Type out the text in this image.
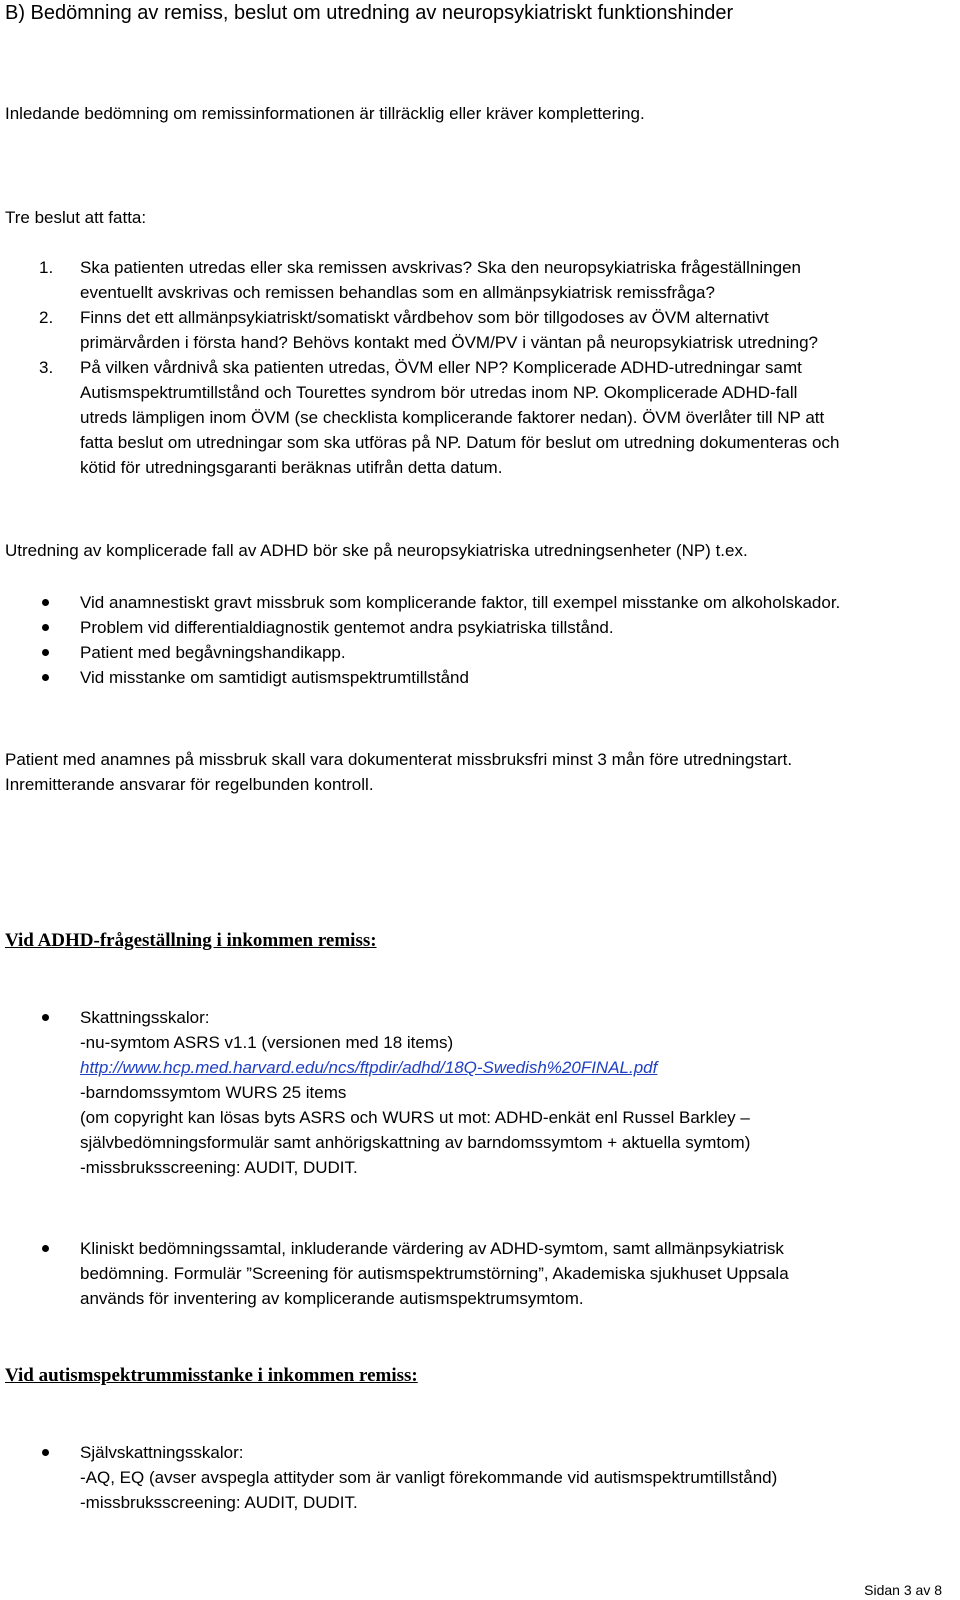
B) Bedömning av remiss, beslut om utredning av neuropsykiatriskt funktionshinder
Inledande bedömning om remissinformationen är tillräcklig eller kräver komplettering.
Tre beslut att fatta:
1.	Ska patienten utredas eller ska remissen avskrivas? Ska den neuropsykiatriska frågeställningen
eventuellt avskrivas och remissen behandlas som en allmänpsykiatrisk remissfråga?
2.	Finns det ett allmänpsykiatriskt/somatiskt vårdbehov som bör tillgodoses av ÖVM alternativt
primärvården i första hand? Behövs kontakt med ÖVM/PV i väntan på neuropsykiatrisk utredning?
3.	På vilken vårdnivå ska patienten utredas, ÖVM eller NP? Komplicerade ADHD-utredningar samt
Autismspektrumtillstånd och Tourettes syndrom bör utredas inom NP. Okomplicerade ADHD-fall
utreds lämpligen inom ÖVM (se checklista komplicerande faktorer nedan). ÖVM överlåter till NP att
fatta beslut om utredningar som ska utföras på NP. Datum för beslut om utredning dokumenteras och
kötid för utredningsgaranti beräknas utifrån detta datum.
Utredning av komplicerade fall av ADHD bör ske på neuropsykiatriska utredningsenheter (NP) t.ex.
Vid anamnestiskt gravt missbruk som komplicerande faktor, till exempel misstanke om alkoholskador.
Problem vid differentialdiagnostik gentemot andra psykiatriska tillstånd.
Patient med begåvningshandikapp.
Vid misstanke om samtidigt autismspektrumtillstånd
Patient med anamnes på missbruk skall vara dokumenterat missbruksfri minst 3 mån före utredningstart.
Inremitterande ansvarar för regelbunden kontroll.
Vid ADHD-frågeställning i inkommen remiss:
Skattningsskalor:
-nu-symtom ASRS v1.1 (versionen med 18 items)
http://www.hcp.med.harvard.edu/ncs/ftpdir/adhd/18Q-Swedish%20FINAL.pdf
-barndomssymtom WURS 25 items
(om copyright kan lösas byts ASRS och WURS ut mot: ADHD-enkät enl Russel Barkley –
självbedömningsformulär samt anhörigskattning av barndomssymtom + aktuella symtom)
-missbruksscreening: AUDIT, DUDIT.
Kliniskt bedömningssamtal, inkluderande värdering av ADHD-symtom, samt allmänpsykiatrisk
bedömning. Formulär ”Screening för autismspektrumstörning”, Akademiska sjukhuset Uppsala
används för inventering av komplicerande autismspektrumsymtom.
Vid autismspektrummisstanke i inkommen remiss:
Självskattningsskalor:
-AQ, EQ (avser avspegla attityder som är vanligt förekommande vid autismspektrumtillstånd)
-missbruksscreening: AUDIT, DUDIT.
Sidan 3 av 8
